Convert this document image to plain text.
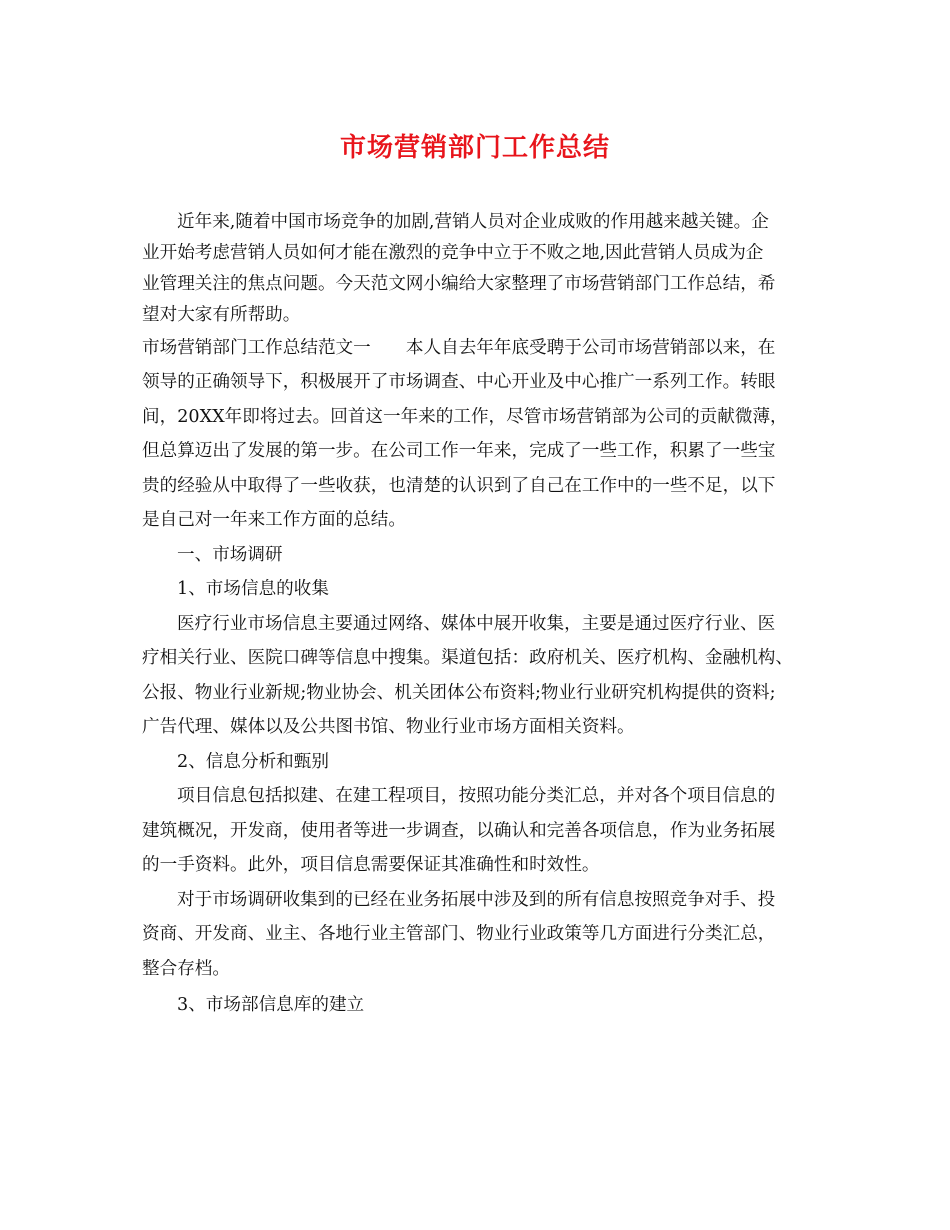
市场营销部门工作总结
近年来,随着中国市场竞争的加剧,营销人员对企业成败的作用越来越关键。企
业开始考虑营销人员如何才能在激烈的竞争中立于不败之地,因此营销人员成为企
业管理关注的焦点问题。今天范文网小编给大家整理了市场营销部门工作总结，希
望对大家有所帮助。
市场营销部门工作总结范文一　　本人自去年年底受聘于公司市场营销部以来，在
领导的正确领导下，积极展开了市场调查、中心开业及中心推广一系列工作。转眼
间，20XX年即将过去。回首这一年来的工作，尽管市场营销部为公司的贡献微薄，
但总算迈出了发展的第一步。在公司工作一年来，完成了一些工作，积累了一些宝
贵的经验从中取得了一些收获，也清楚的认识到了自己在工作中的一些不足，以下
是自己对一年来工作方面的总结。
一、市场调研
1、市场信息的收集
医疗行业市场信息主要通过网络、媒体中展开收集，主要是通过医疗行业、医
疗相关行业、医院口碑等信息中搜集。渠道包括：政府机关、医疗机构、金融机构、
公报、物业行业新规;物业协会、机关团体公布资料;物业行业研究机构提供的资料;
广告代理、媒体以及公共图书馆、物业行业市场方面相关资料。
2、信息分析和甄别
项目信息包括拟建、在建工程项目，按照功能分类汇总，并对各个项目信息的
建筑概况，开发商，使用者等进一步调查，以确认和完善各项信息，作为业务拓展
的一手资料。此外，项目信息需要保证其准确性和时效性。
对于市场调研收集到的已经在业务拓展中涉及到的所有信息按照竞争对手、投
资商、开发商、业主、各地行业主管部门、物业行业政策等几方面进行分类汇总，
整合存档。
3、市场部信息库的建立
